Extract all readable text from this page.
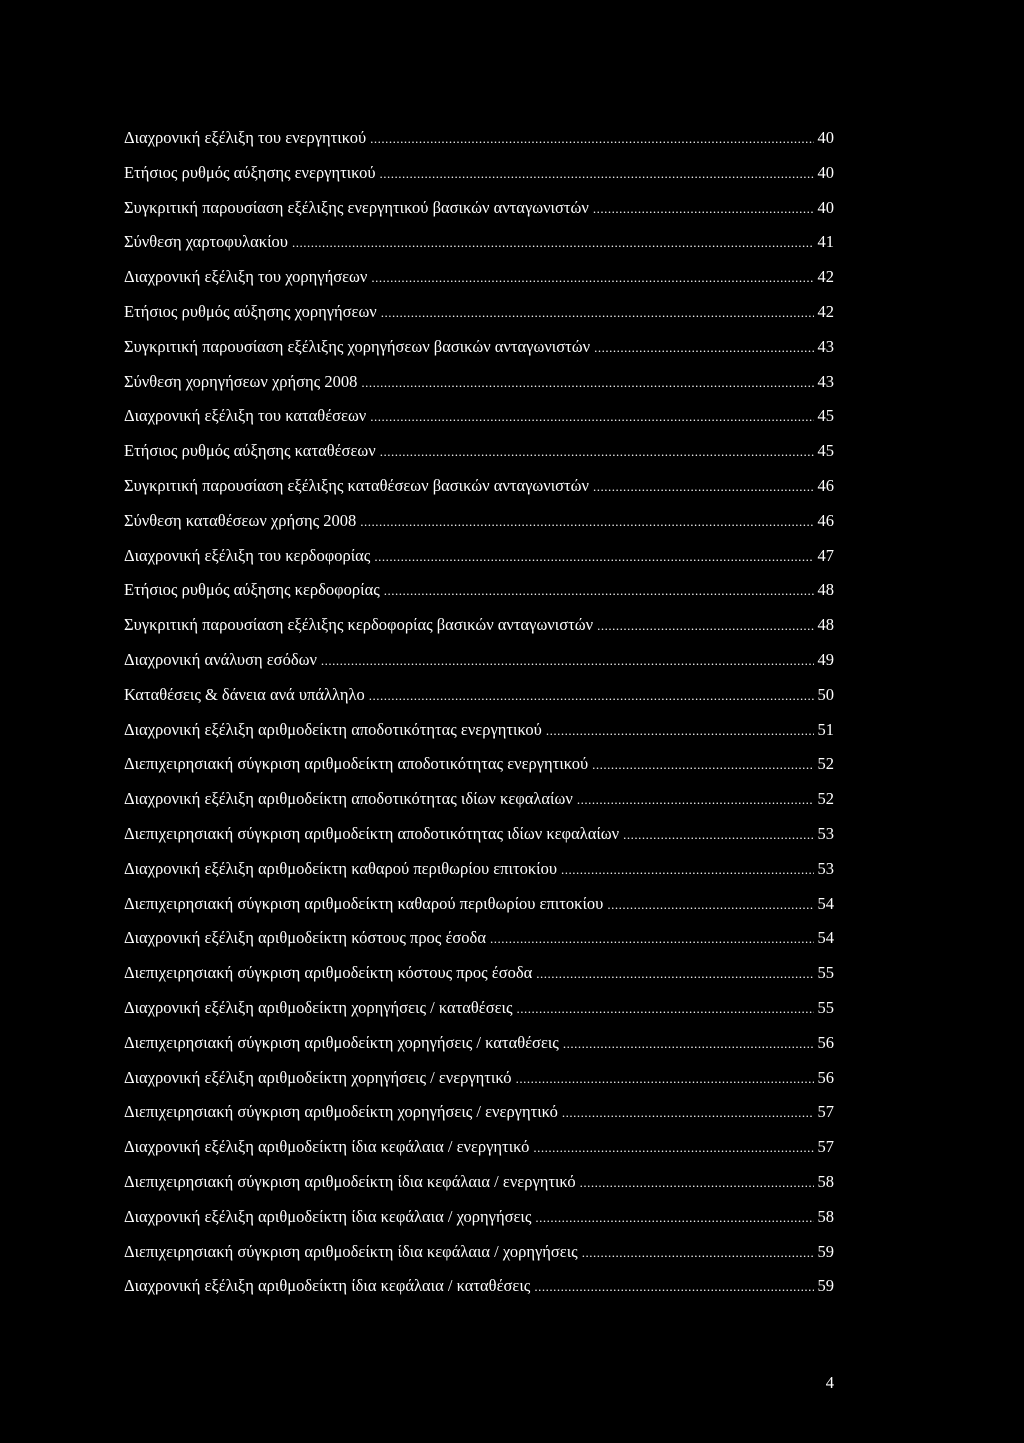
Διαχρονική εξέλιξη του ενεργητικού .....	40
Ετήσιος ρυθμός αύξησης ενεργητικού .....	40
Συγκριτική παρουσίαση εξέλιξης ενεργητικού βασικών ανταγωνιστών .....	40
Σύνθεση χαρτοφυλακίου .....	41
Διαχρονική εξέλιξη του χορηγήσεων .....	42
Ετήσιος ρυθμός αύξησης χορηγήσεων .....	42
Συγκριτική παρουσίαση εξέλιξης χορηγήσεων βασικών ανταγωνιστών .....	43
Σύνθεση χορηγήσεων χρήσης 2008 .....	43
Διαχρονική εξέλιξη του καταθέσεων .....	45
Ετήσιος ρυθμός αύξησης καταθέσεων .....	45
Συγκριτική παρουσίαση εξέλιξης καταθέσεων βασικών ανταγωνιστών .....	46
Σύνθεση καταθέσεων χρήσης 2008 .....	46
Διαχρονική εξέλιξη του κερδοφορίας .....	47
Ετήσιος ρυθμός αύξησης κερδοφορίας .....	48
Συγκριτική παρουσίαση εξέλιξης κερδοφορίας βασικών ανταγωνιστών .....	48
Διαχρονική ανάλυση εσόδων .....	49
Καταθέσεις & δάνεια ανά υπάλληλο .....	50
Διαχρονική εξέλιξη αριθμοδείκτη αποδοτικότητας ενεργητικού .....	51
Διεπιχειρησιακή σύγκριση αριθμοδείκτη αποδοτικότητας ενεργητικού .....	52
Διαχρονική εξέλιξη αριθμοδείκτη αποδοτικότητας ιδίων κεφαλαίων .....	52
Διεπιχειρησιακή σύγκριση αριθμοδείκτη αποδοτικότητας ιδίων κεφαλαίων .....	53
Διαχρονική εξέλιξη αριθμοδείκτη καθαρού περιθωρίου επιτοκίου .....	53
Διεπιχειρησιακή σύγκριση αριθμοδείκτη καθαρού περιθωρίου επιτοκίου .....	54
Διαχρονική εξέλιξη αριθμοδείκτη κόστους προς έσοδα .....	54
Διεπιχειρησιακή σύγκριση αριθμοδείκτη κόστους προς έσοδα .....	55
Διαχρονική εξέλιξη αριθμοδείκτη χορηγήσεις / καταθέσεις .....	55
Διεπιχειρησιακή σύγκριση αριθμοδείκτη χορηγήσεις / καταθέσεις .....	56
Διαχρονική εξέλιξη αριθμοδείκτη χορηγήσεις / ενεργητικό .....	56
Διεπιχειρησιακή σύγκριση αριθμοδείκτη χορηγήσεις / ενεργητικό .....	57
Διαχρονική εξέλιξη αριθμοδείκτη ίδια κεφάλαια / ενεργητικό .....	57
Διεπιχειρησιακή σύγκριση αριθμοδείκτη ίδια κεφάλαια / ενεργητικό .....	58
Διαχρονική εξέλιξη αριθμοδείκτη ίδια κεφάλαια / χορηγήσεις .....	58
Διεπιχειρησιακή σύγκριση αριθμοδείκτη ίδια κεφάλαια / χορηγήσεις .....	59
Διαχρονική εξέλιξη αριθμοδείκτη ίδια κεφάλαια / καταθέσεις .....	59
4
